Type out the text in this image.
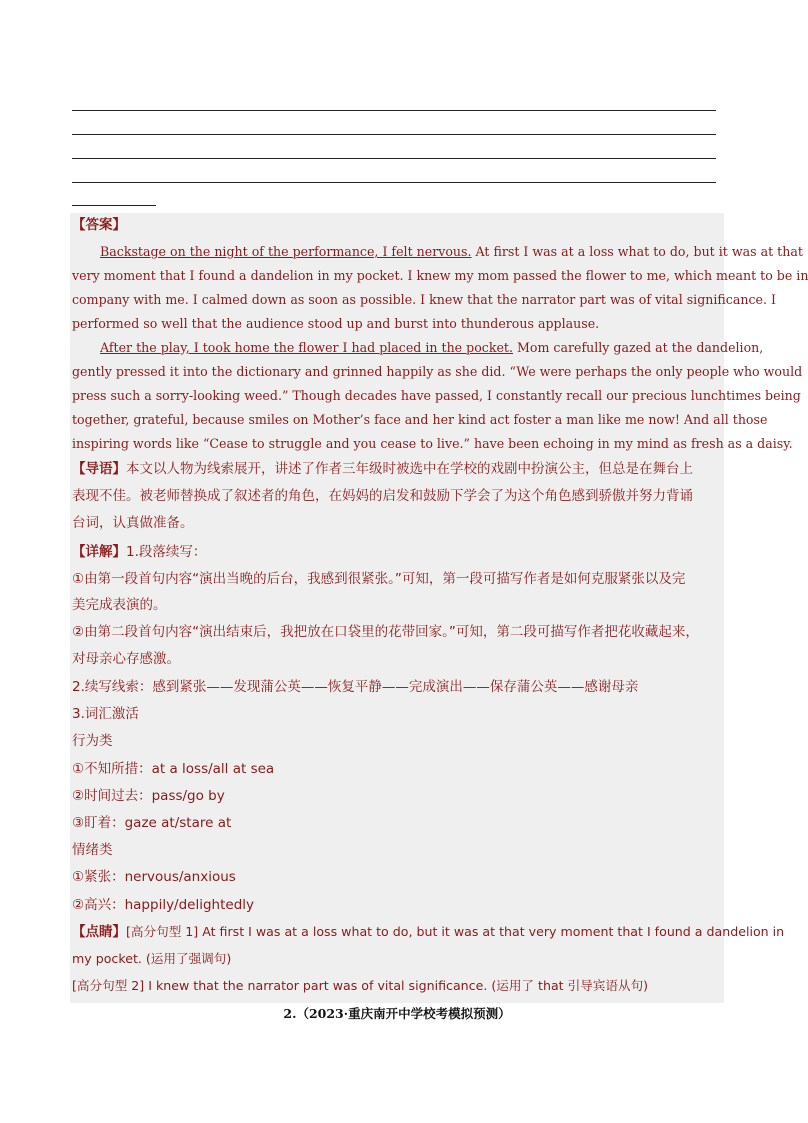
【答案】
Backstage on the night of the performance, I felt nervous. At first I was at a loss what to do, but it was at that
very moment that I found a dandelion in my pocket. I knew my mom passed the flower to me, which meant to be in
company with me. I calmed down as soon as possible. I knew that the narrator part was of vital significance. I
performed so well that the audience stood up and burst into thunderous applause.
After the play, I took home the flower I had placed in the pocket. Mom carefully gazed at the dandelion,
gently pressed it into the dictionary and grinned happily as she did. “We were perhaps the only people who would
press such a sorry-looking weed.” Though decades have passed, I constantly recall our precious lunchtimes being
together, grateful, because smiles on Mother’s face and her kind act foster a man like me now! And all those
inspiring words like “Cease to struggle and you cease to live.” have been echoing in my mind as fresh as a daisy.
【导语】本文以人物为线索展开，讲述了作者三年级时被选中在学校的戏剧中扮演公主，但总是在舞台上
表现不佳。被老师替换成了叙述者的角色，在妈妈的启发和鼓励下学会了为这个角色感到骄傲并努力背诵
台词，认真做准备。
【详解】1.段落续写：
①由第一段首句内容“演出当晚的后台，我感到很紧张。”可知，第一段可描写作者是如何克服紧张以及完
美完成表演的。
②由第二段首句内容“演出结束后，我把放在口袋里的花带回家。”可知，第二段可描写作者把花收藏起来，
对母亲心存感激。
2.续写线索：感到紧张——发现蒲公英——恢复平静——完成演出——保存蒲公英——感谢母亲
3.词汇激活
行为类
①不知所措：at a loss/all at sea
②时间过去：pass/go by
③盯着：gaze at/stare at
情绪类
①紧张：nervous/anxious
②高兴：happily/delightedly
【点睛】[高分句型 1] At first I was at a loss what to do, but it was at that very moment that I found a dandelion in
my pocket. (运用了强调句)
[高分句型 2] I knew that the narrator part was of vital significance. (运用了 that 引导宾语从句)
2.（2023·重庆南开中学校考模拟预测）
